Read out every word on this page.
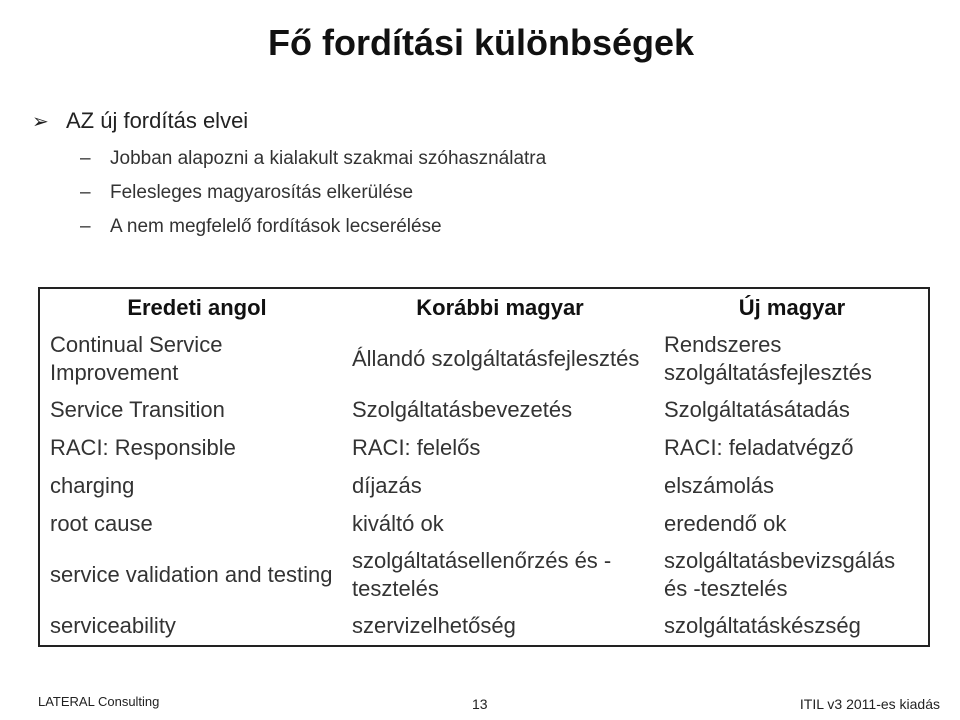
Fő fordítási különbségek
➢ AZ új fordítás elvei
– Jobban alapozni a kialakult szakmai szóhasználatra
– Felesleges magyarosítás elkerülése
– A nem megfelelő fordítások lecserélése
Eredeti angol	Korábbi magyar	Új magyar
Continual Service Improvement	Állandó szolgáltatásfejlesztés	Rendszeres szolgáltatásfejlesztés
Service Transition	Szolgáltatásbevezetés	Szolgáltatásátadás
RACI: Responsible	RACI: felelős	RACI: feladatvégző
charging	díjazás	elszámolás
root cause	kiváltó ok	eredendő ok
service validation and testing	szolgáltatásellenőrzés és -tesztelés	szolgáltatásbevizsgálás és -tesztelés
serviceability	szervizelhetőség	szolgáltatáskészség
LATERAL Consulting	13	ITIL v3 2011-es kiadás
